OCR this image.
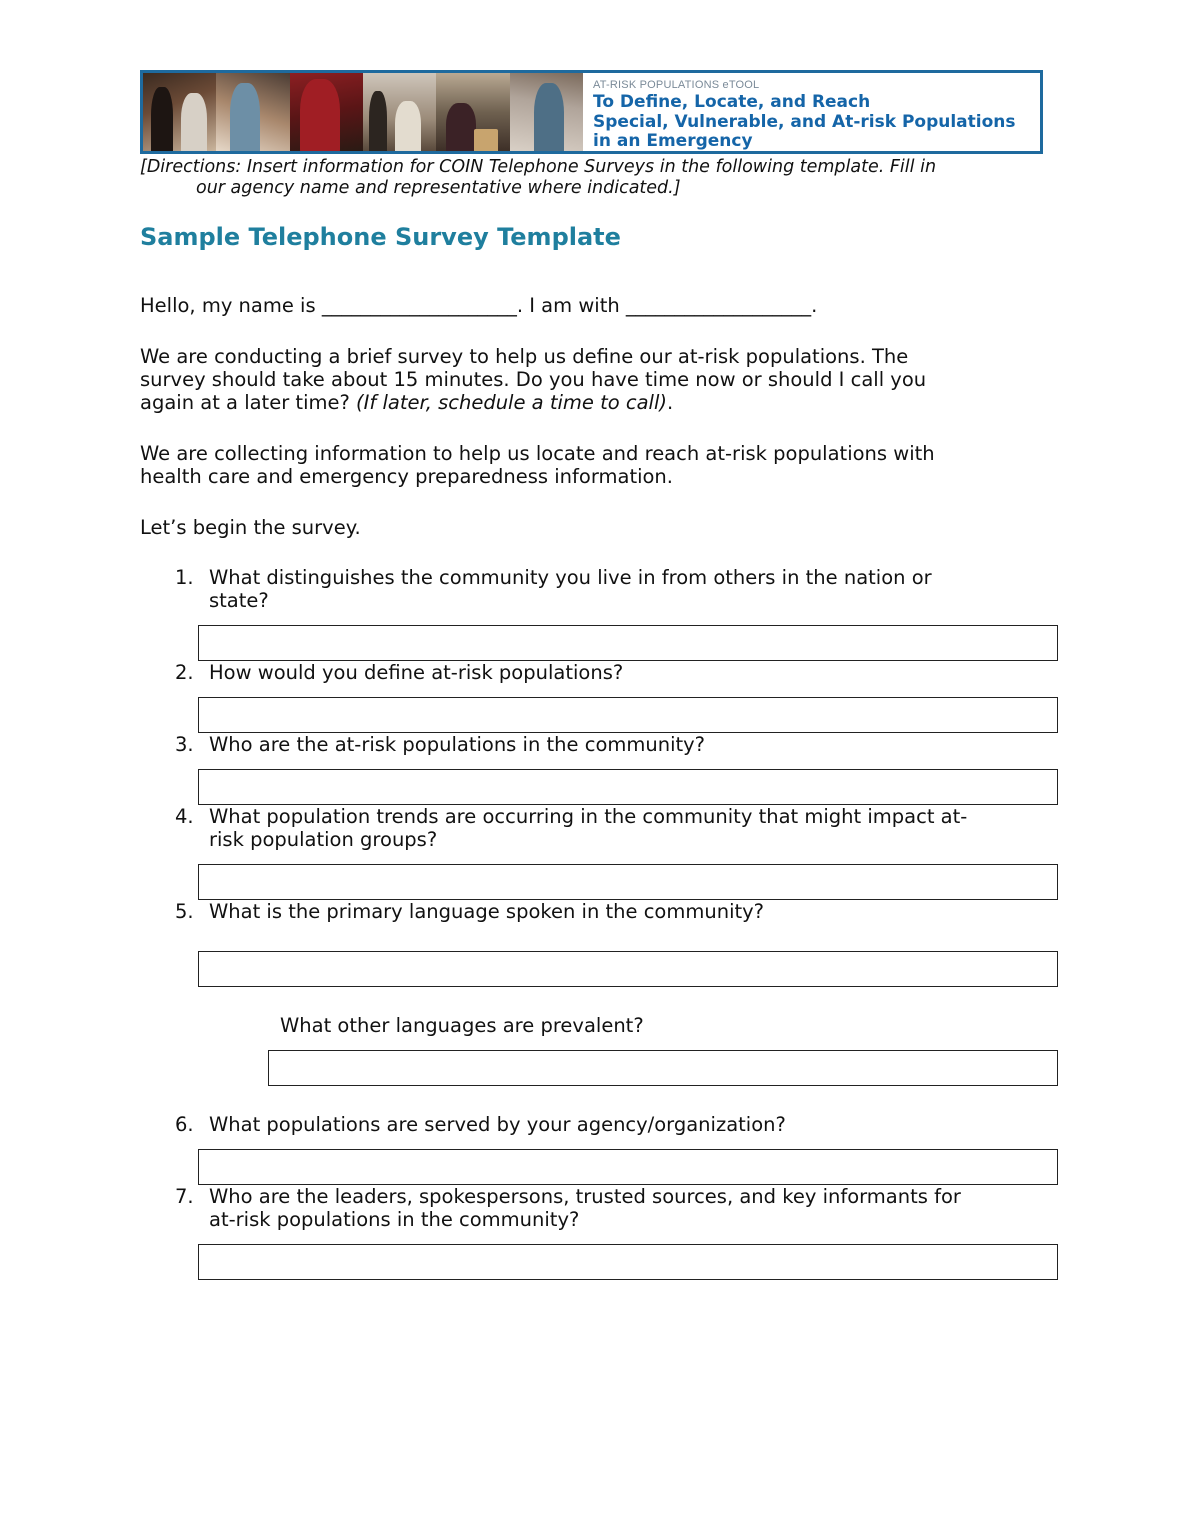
AT-RISK POPULATIONS eTOOL
To Define, Locate, and Reach
Special, Vulnerable, and At-risk Populations
in an Emergency
[Directions: Insert information for COIN Telephone Surveys in the following template. Fill in
our agency name and representative where indicated.]
Sample Telephone Survey Template

Hello, my name is ____________________. I am with ___________________.

We are conducting a brief survey to help us define our at-risk populations. The
survey should take about 15 minutes. Do you have time now or should I call you
again at a later time? (If later, schedule a time to call).
We are collecting information to help us locate and reach at-risk populations with
health care and emergency preparedness information.

Let’s begin the survey.

1. What distinguishes the community you live in from others in the nation or
state?
2. How would you define at-risk populations?
3. Who are the at-risk populations in the community?
4. What population trends are occurring in the community that might impact at-
risk population groups?
5. What is the primary language spoken in the community?
What other languages are prevalent?
6. What populations are served by your agency/organization?
7. Who are the leaders, spokespersons, trusted sources, and key informants for
at-risk populations in the community?
